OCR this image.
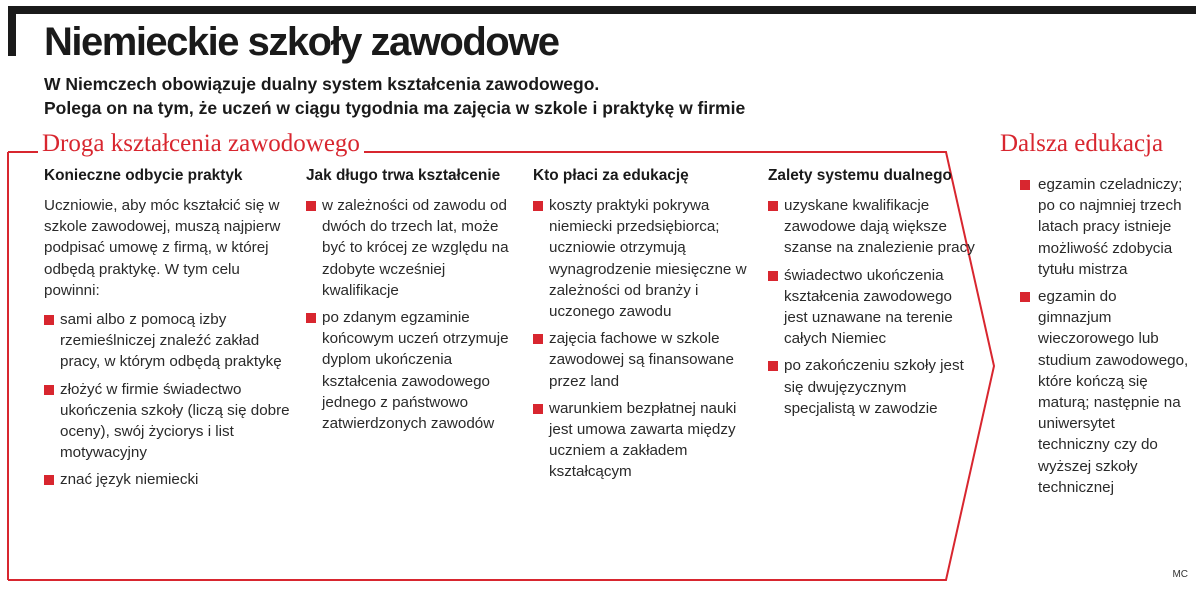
Niemieckie szkoły zawodowe
W Niemczech obowiązuje dualny system kształcenia zawodowego.
Polega on na tym, że uczeń w ciągu tygodnia ma zajęcia w szkole i praktykę w firmie
Droga kształcenia zawodowego	Dalsza edukacja
Konieczne odbycie praktyk
Uczniowie, aby móc kształcić się w szkole zawodowej, muszą najpierw podpisać umowę z firmą, w której odbędą praktykę. W tym celu powinni:
sami albo z pomocą izby rzemieślniczej znaleźć zakład pracy, w którym odbędą praktykę
złożyć w firmie świadectwo ukończenia szkoły (liczą się dobre oceny), swój życiorys i list motywacyjny
znać język niemiecki
Jak długo trwa kształcenie
w zależności od zawodu od dwóch do trzech lat, może być to krócej ze względu na zdobyte wcześniej kwalifikacje
po zdanym egzaminie końcowym uczeń otrzymuje dyplom ukończenia kształcenia zawodowego jednego z państwowo zatwierdzonych zawodów
Kto płaci za edukację
koszty praktyki pokrywa niemiecki przedsiębiorca; uczniowie otrzymują wynagrodzenie miesięczne w zależności od branży i uczonego zawodu
zajęcia fachowe w szkole zawodowej są finansowane przez land
warunkiem bezpłatnej nauki jest umowa zawarta między uczniem a zakładem kształcącym
Zalety systemu dualnego
uzyskane kwalifikacje zawodowe dają większe szanse na znalezienie pracy
świadectwo ukończenia kształcenia zawodowego jest uznawane na terenie całych Niemiec
po zakończeniu szkoły jest się dwujęzycznym specjalistą w zawodzie
egzamin czeladniczy; po co najmniej trzech latach pracy istnieje możliwość zdobycia tytułu mistrza
egzamin do gimnazjum wieczorowego lub studium zawodowego, które kończą się maturą; następnie na uniwersytet techniczny czy do wyższej szkoły technicznej
MC
